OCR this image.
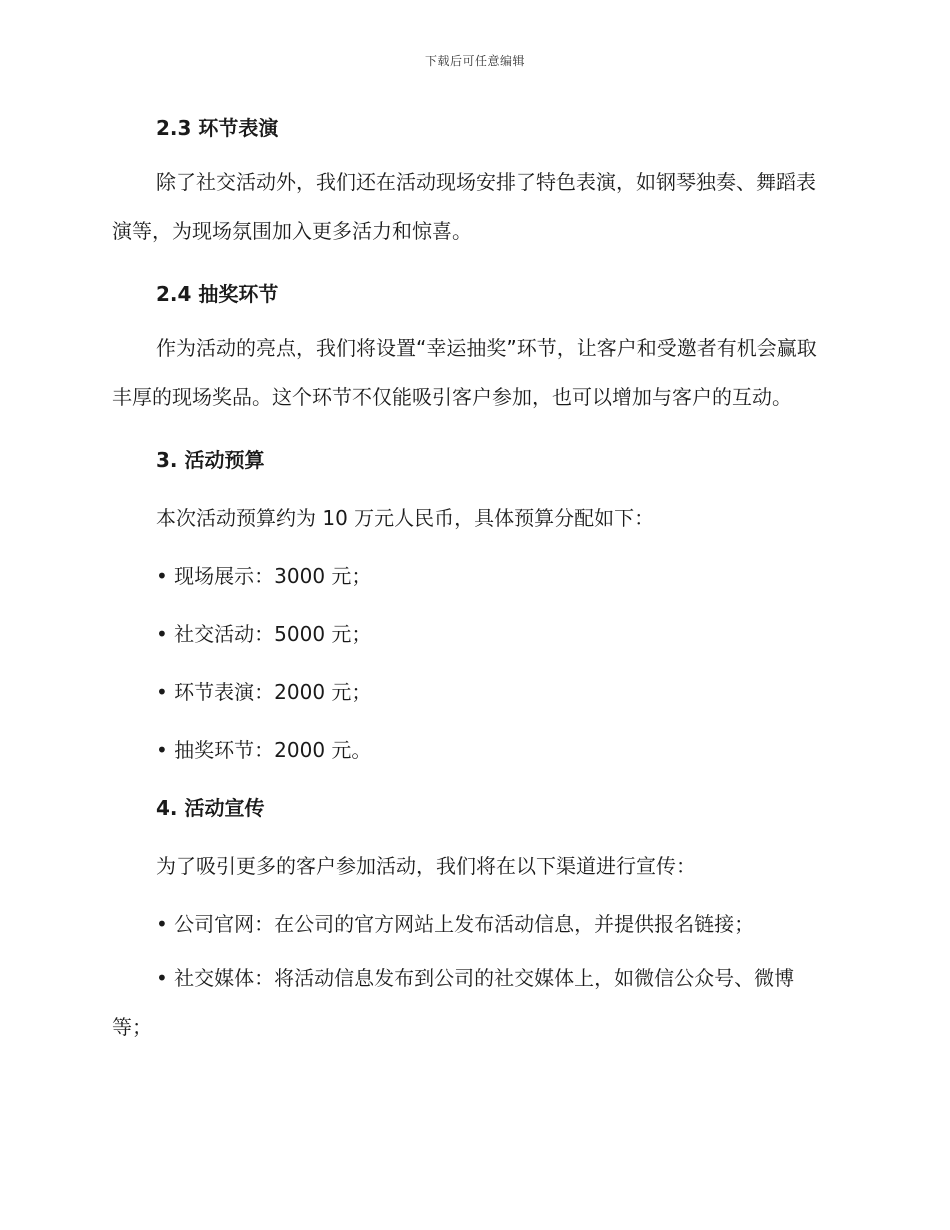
下载后可任意编辑
2.3 环节表演

除了社交活动外，我们还在活动现场安排了特色表演，如钢琴独奏、舞蹈表演等，为现场氛围加入更多活力和惊喜。

2.4 抽奖环节

作为活动的亮点，我们将设置“幸运抽奖”环节，让客户和受邀者有机会赢取丰厚的现场奖品。这个环节不仅能吸引客户参加，也可以增加与客户的互动。

3. 活动预算

本次活动预算约为 10 万元人民币，具体预算分配如下：

• 现场展示：3000 元；

• 社交活动：5000 元；

• 环节表演：2000 元；

• 抽奖环节：2000 元。

4. 活动宣传

为了吸引更多的客户参加活动，我们将在以下渠道进行宣传：

• 公司官网：在公司的官方网站上发布活动信息，并提供报名链接；

• 社交媒体：将活动信息发布到公司的社交媒体上，如微信公众号、微博等；
